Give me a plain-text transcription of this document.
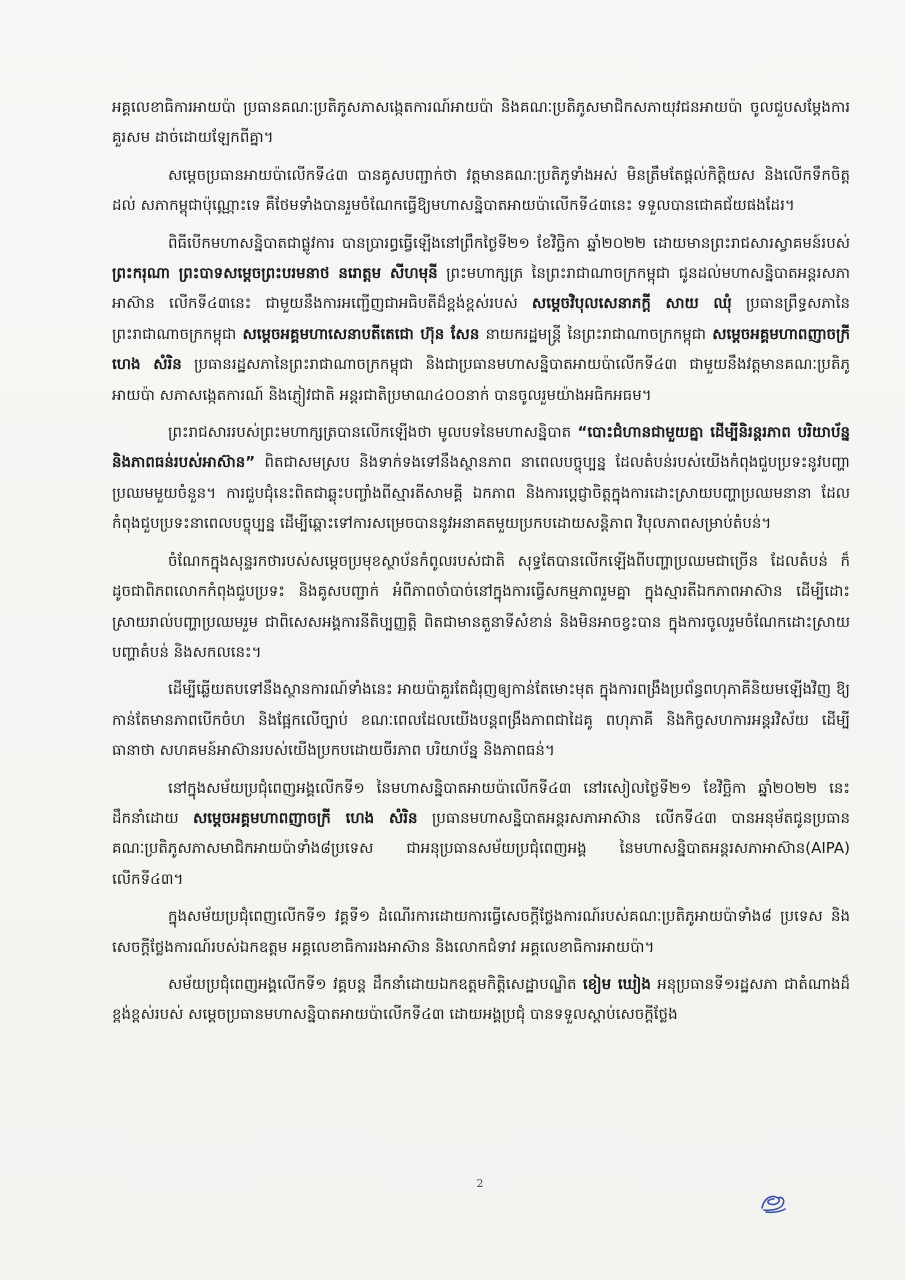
អគ្គលេខាធិការអាយប៉ា ប្រធានគណៈប្រតិភូសភាសង្កេតការណ៍អាយប៉ា និងគណៈប្រតិភូសមាជិកសភាយុវជនអាយប៉ា ចូលជួបសម្តែងការគួរសម ដាច់ដោយឡែកពីគ្នា។

សម្តេចប្រធានអាយប៉ាលើកទី៤៣ បានគូសបញ្ជាក់ថា វត្តមានគណៈប្រតិភូទាំងអស់ មិនត្រឹមតែផ្តល់កិត្តិយស និងលើកទឹកចិត្តដល់ សភាកម្ពុជាប៉ុណ្ណោះទេ គឺថែមទាំងបានរួមចំណែកធ្វើឱ្យមហាសន្និបាតអាយប៉ាលើកទី៤៣នេះ ទទួលបានជោគជ័យផងដែរ។

ពិធីបើកមហាសន្និបាតជាផ្លូវការ បានប្រារព្ធធ្វើឡើងនៅព្រឹកថ្ងៃទី២១ ខែវិច្ឆិកា ឆ្នាំ២០២២ ដោយមានព្រះរាជសារស្វាគមន៍របស់ ព្រះករុណា ព្រះបាទសម្តេចព្រះបរមនាថ នរោត្តម សីហមុនី ព្រះមហាក្សត្រ នៃព្រះរាជាណាចក្រកម្ពុជា ជូនដល់មហាសន្និបាតអន្តរសភាអាស៊ាន លើកទី៤៣នេះ ជាមួយនឹងការអញ្ជើញជាអធិបតីដ៏ខ្ពង់ខ្ពស់របស់ សម្តេចវិបុលសេនាភក្តី សាយ ឈុំ ប្រធានព្រឹទ្ធសភានៃព្រះរាជាណាចក្រកម្ពុជា សម្តេចអគ្គមហាសេនាបតីតេជោ ហ៊ុន សែន នាយករដ្ឋមន្ត្រី នៃព្រះរាជាណាចក្រកម្ពុជា សម្តេចអគ្គមហាពញាចក្រី ហេង សំរិន ប្រធានរដ្ឋសភានៃព្រះរាជាណាចក្រកម្ពុជា និងជាប្រធានមហាសន្និបាតអាយប៉ាលើកទី៤៣ ជាមួយនឹងវត្តមានគណៈប្រតិភូអាយប៉ា សភាសង្កេតការណ៍ និងភ្ញៀវជាតិ អន្តរជាតិប្រមាណ៤០០នាក់ បានចូលរួមយ៉ាងអធិកអធម។

ព្រះរាជសាររបស់ព្រះមហាក្សត្របានលើកឡើងថា មូលបទនៃមហាសន្និបាត “បោះជំហានជាមួយគ្នា ដើម្បីនិរន្តរភាព បរិយាប័ន្ន និងភាពធន់របស់អាស៊ាន” ពិតជាសមស្រប និងទាក់ទងទៅនឹងស្ថានភាព នាពេលបច្ចុប្បន្ន ដែលតំបន់របស់យើងកំពុងជួបប្រទះនូវបញ្ហាប្រឈមមួយចំនួន។ ការជួបជុំនេះពិតជាឆ្លុះបញ្ចាំងពីស្មារតីសាមគ្គី ឯកភាព និងការប្តេជ្ញាចិត្តក្នុងការដោះស្រាយបញ្ហាប្រឈមនានា ដែលកំពុងជួបប្រទះនាពេលបច្ចុប្បន្ន ដើម្បីឆ្ពោះទៅការសម្រេចបាននូវអនាគតមួយប្រកបដោយសន្តិភាព វិបុលភាពសម្រាប់តំបន់។

ចំណែកក្នុងសុន្ទរកថារបស់សម្តេចប្រមុខស្ថាប័នកំពូលរបស់ជាតិ សុទ្ធតែបានលើកឡើងពីបញ្ហាប្រឈមជាច្រើន ដែលតំបន់ ក៏ដូចជាពិភពលោកកំពុងជួបប្រទះ និងគូសបញ្ជាក់ អំពីភាពចាំបាច់នៅក្នុងការធ្វើសកម្មភាពរួមគ្នា ក្នុងស្មារតីឯកភាពអាស៊ាន ដើម្បីដោះស្រាយរាល់បញ្ហាប្រឈមរួម ជាពិសេសអង្គការនីតិប្បញ្ញត្តិ ពិតជាមានតួនាទីសំខាន់ និងមិនអាចខ្វះបាន ក្នុងការចូលរួមចំណែកដោះស្រាយបញ្ហាតំបន់ និងសកលនេះ។

ដើម្បីឆ្លើយតបទៅនឹងស្ថានការណ៍ទាំងនេះ អាយប៉ាគួរតែជំរុញឲ្យកាន់តែមោះមុត ក្នុងការពង្រឹងប្រព័ន្ធពហុភាគីនិយមឡើងវិញ ឱ្យកាន់តែមានភាពបើកចំហ និងផ្អែកលើច្បាប់ ខណៈពេលដែលយើងបន្តពង្រឹងភាពជាដៃគូ ពហុភាគី និងកិច្ចសហការអន្តរវិស័យ ដើម្បីធានាថា សហគមន៍អាស៊ានរបស់យើងប្រកបដោយចីរភាព បរិយាប័ន្ន និងភាពធន់។

នៅក្នុងសម័យប្រជុំពេញអង្គលើកទី១ នៃមហាសន្និបាតអាយប៉ាលើកទី៤៣ នៅរសៀលថ្ងៃទី២១ ខែវិច្ឆិកា ឆ្នាំ២០២២ នេះ ដឹកនាំដោយ សម្តេចអគ្គមហាពញាចក្រី ហេង សំរិន ប្រធានមហាសន្និបាតអន្តរសភាអាស៊ាន លើកទី៤៣ បានអនុម័តជូនប្រធានគណៈប្រតិភូសភាសមាជិកអាយប៉ាទាំង៨ប្រទេស ជាអនុប្រធានសម័យប្រជុំពេញអង្គ នៃមហាសន្និបាតអន្តរសភាអាស៊ាន(AIPA) លើកទី៤៣។

ក្នុងសម័យប្រជុំពេញលើកទី១ វគ្គទី១ ដំណើរការដោយការធ្វើសេចក្តីថ្លែងការណ៍របស់គណៈប្រតិភូអាយប៉ាទាំង៨ ប្រទេស និងសេចក្តីថ្លែងការណ៍របស់ឯកឧត្តម អគ្គលេខាធិការរងអាស៊ាន និងលោកជំទាវ អគ្គលេខាធិការអាយប៉ា។

សម័យប្រជុំពេញអង្គលើកទី១ វគ្គបន្ត ដឹកនាំដោយឯកឧត្តមកិត្តិសេដ្ឋាបណ្ឌិត ខៀម ឃៀង អនុប្រធានទី១រដ្ឋសភា ជាតំណាងដ៏ខ្ពង់ខ្ពស់របស់ សម្តេចប្រធានមហាសន្និបាតអាយប៉ាលើកទី៤៣ ដោយអង្គប្រជុំ បានទទួលស្តាប់សេចក្តីថ្លែង

2
